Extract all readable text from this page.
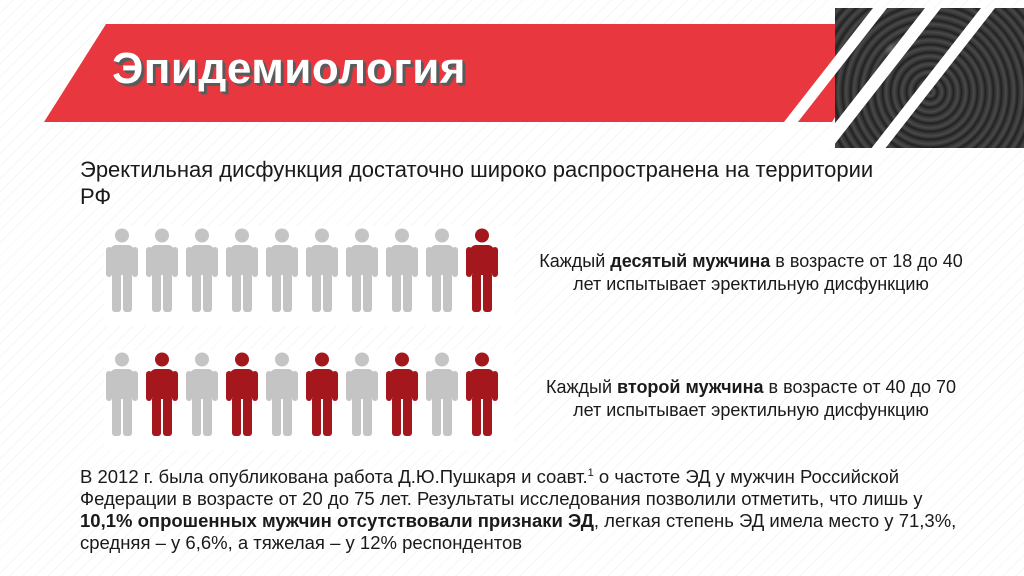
Эпидемиология
Эректильная дисфункция достаточно широко распространена на территории РФ
Каждый десятый мужчина в возрасте от 18 до 40 лет испытывает эректильную дисфункцию
Каждый второй мужчина в возрасте от 40 до 70 лет испытывает эректильную дисфункцию
В 2012 г. была опубликована работа Д.Ю.Пушкаря и соавт.$^1$ о частоте ЭД у мужчин Российской Федерации в возрасте от 20 до 75 лет. Результаты исследования позволили отметить, что лишь у 10,1% опрошенных мужчин отсутствовали признаки ЭД, легкая степень ЭД имела место у 71,3%, средняя – у 6,6%, а тяжелая – у 12% респондентов
